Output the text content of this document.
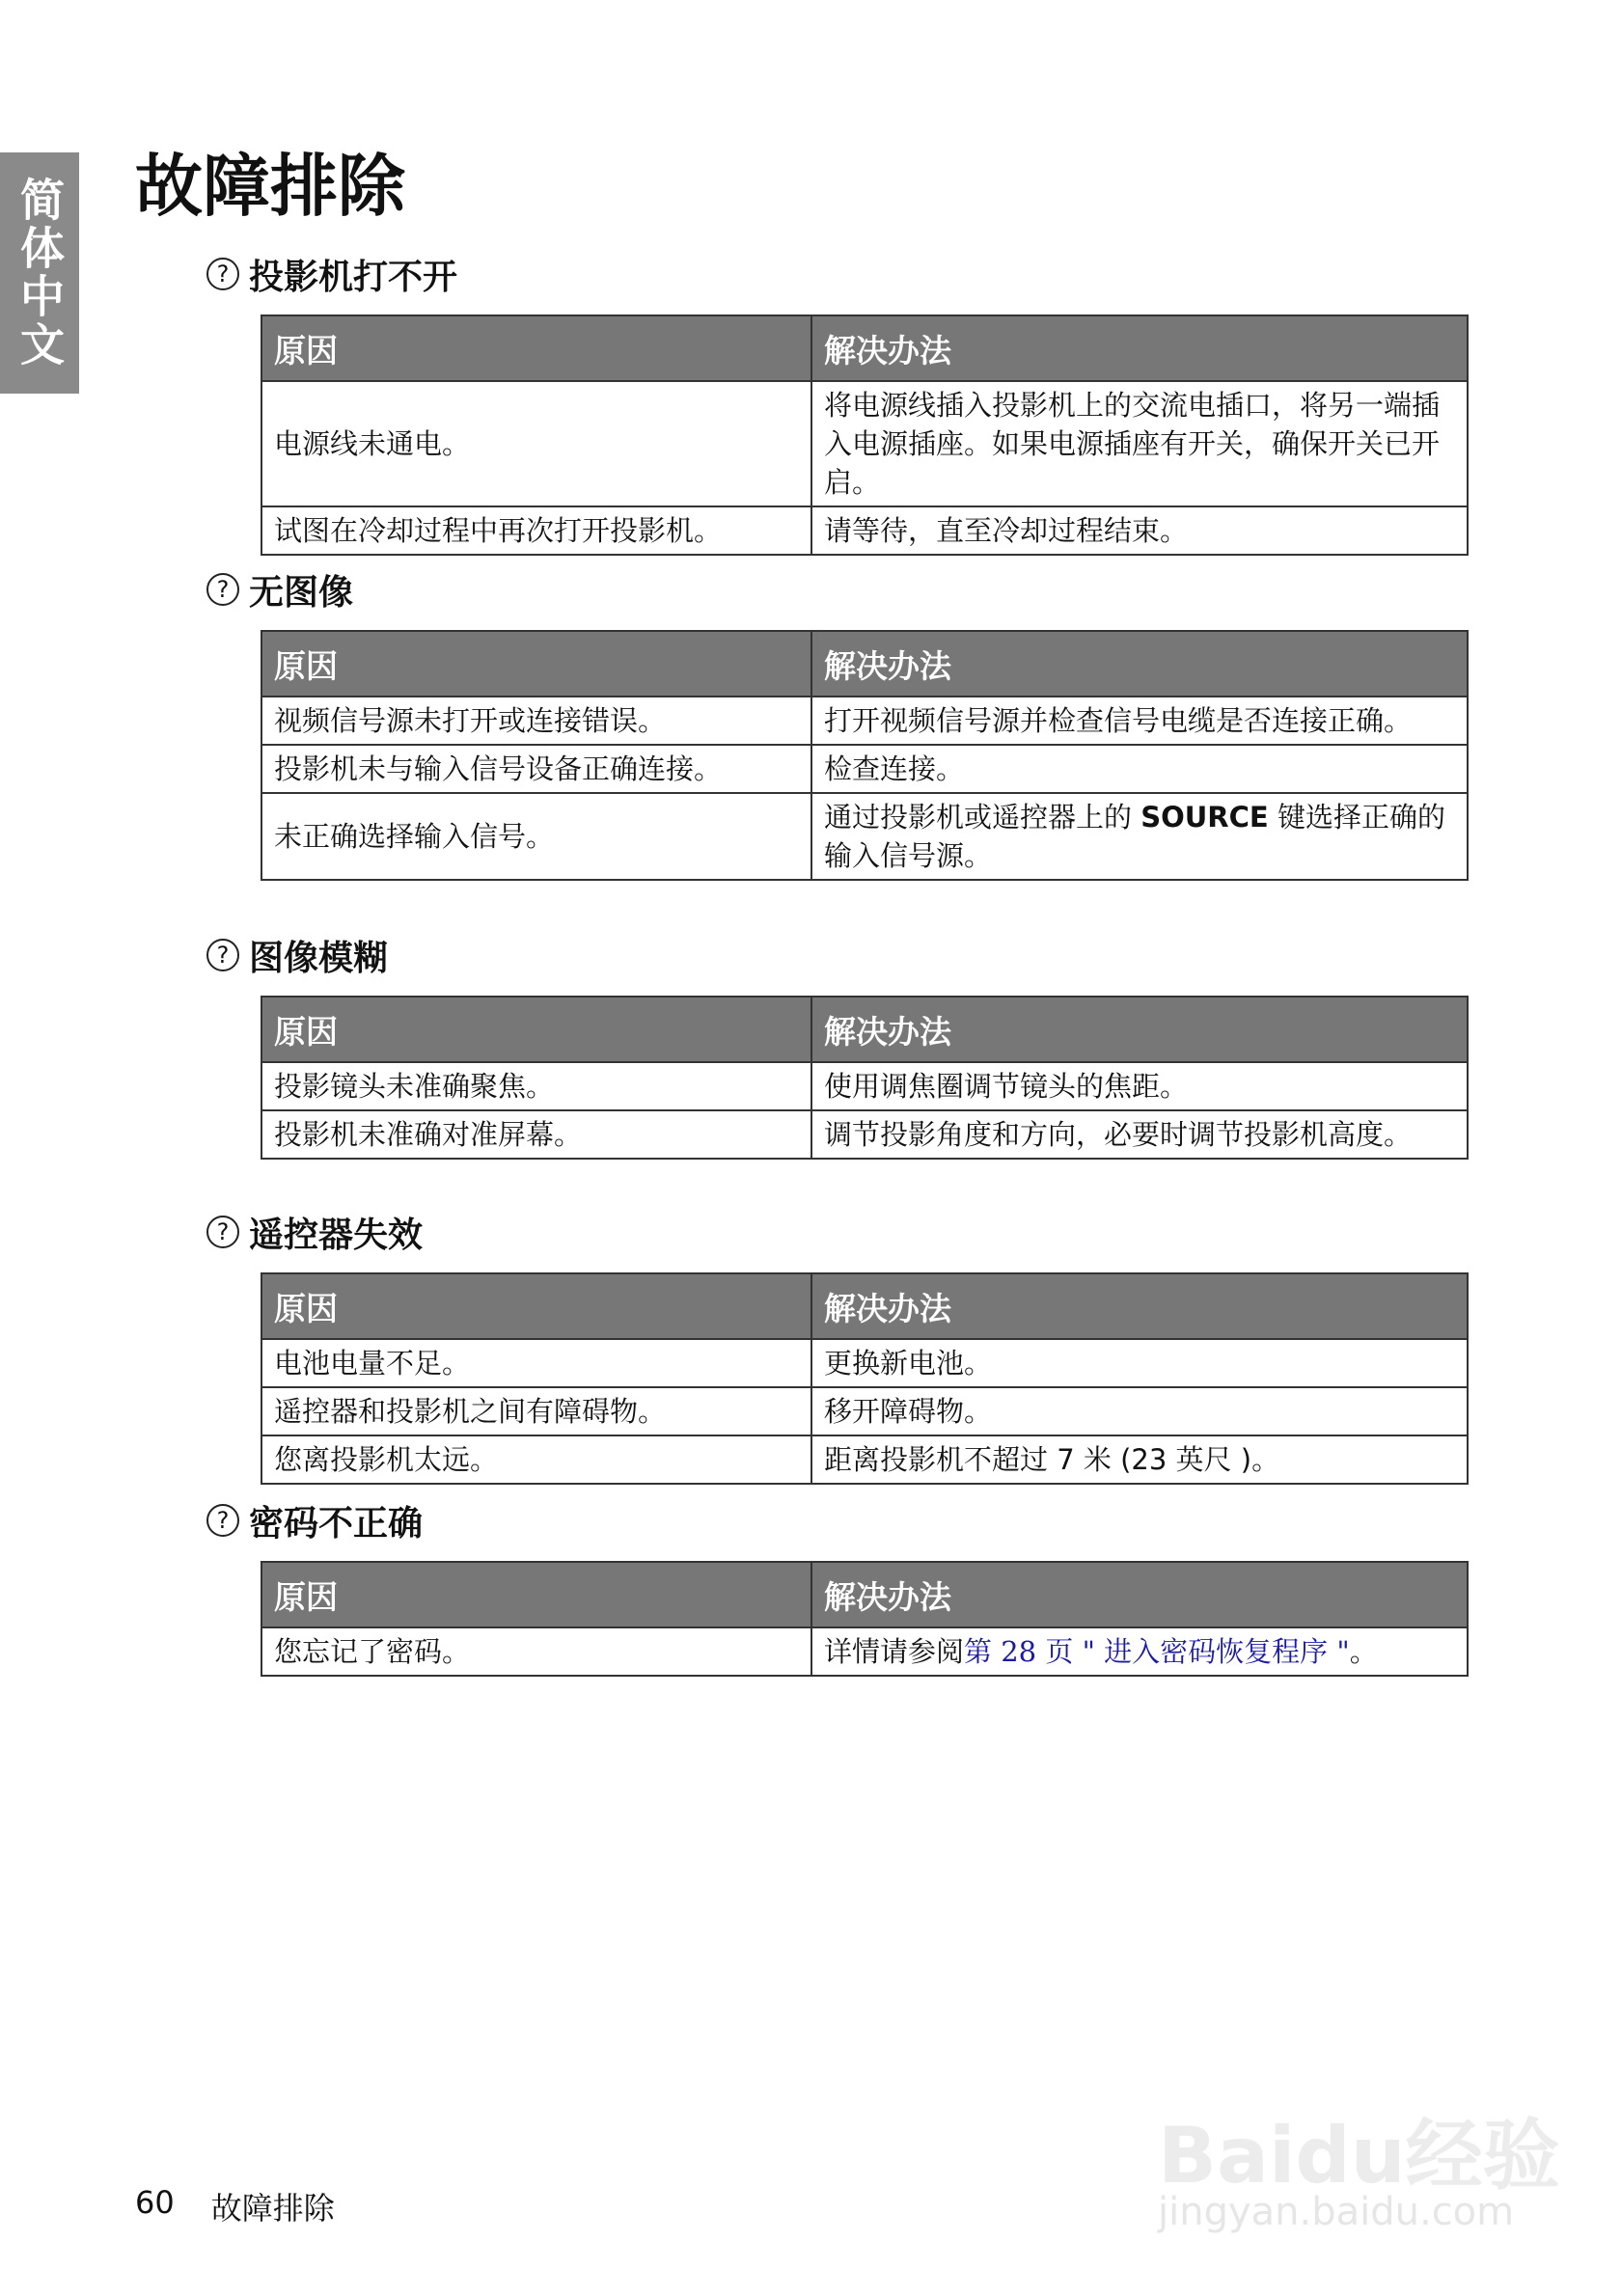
简体中文 故障排除
? 投影机打不开
原因	解决办法
电源线未通电。	将电源线插入投影机上的交流电插口，将另一端插入电源插座。如果电源插座有开关，确保开关已开启。
试图在冷却过程中再次打开投影机。	请等待，直至冷却过程结束。
? 无图像
原因	解决办法
视频信号源未打开或连接错误。	打开视频信号源并检查信号电缆是否连接正确。
投影机未与输入信号设备正确连接。	检查连接。
未正确选择输入信号。	通过投影机或遥控器上的 SOURCE 键选择正确的输入信号源。
? 图像模糊
原因	解决办法
投影镜头未准确聚焦。	使用调焦圈调节镜头的焦距。
投影机未准确对准屏幕。	调节投影角度和方向，必要时调节投影机高度。
? 遥控器失效
原因	解决办法
电池电量不足。	更换新电池。
遥控器和投影机之间有障碍物。	移开障碍物。
您离投影机太远。	距离投影机不超过 7 米 (23 英尺 )。
? 密码不正确
原因	解决办法
您忘记了密码。	详情请参阅第 28 页 " 进入密码恢复程序 "。
60 故障排除
Baidu经验
jingyan.baidu.com
